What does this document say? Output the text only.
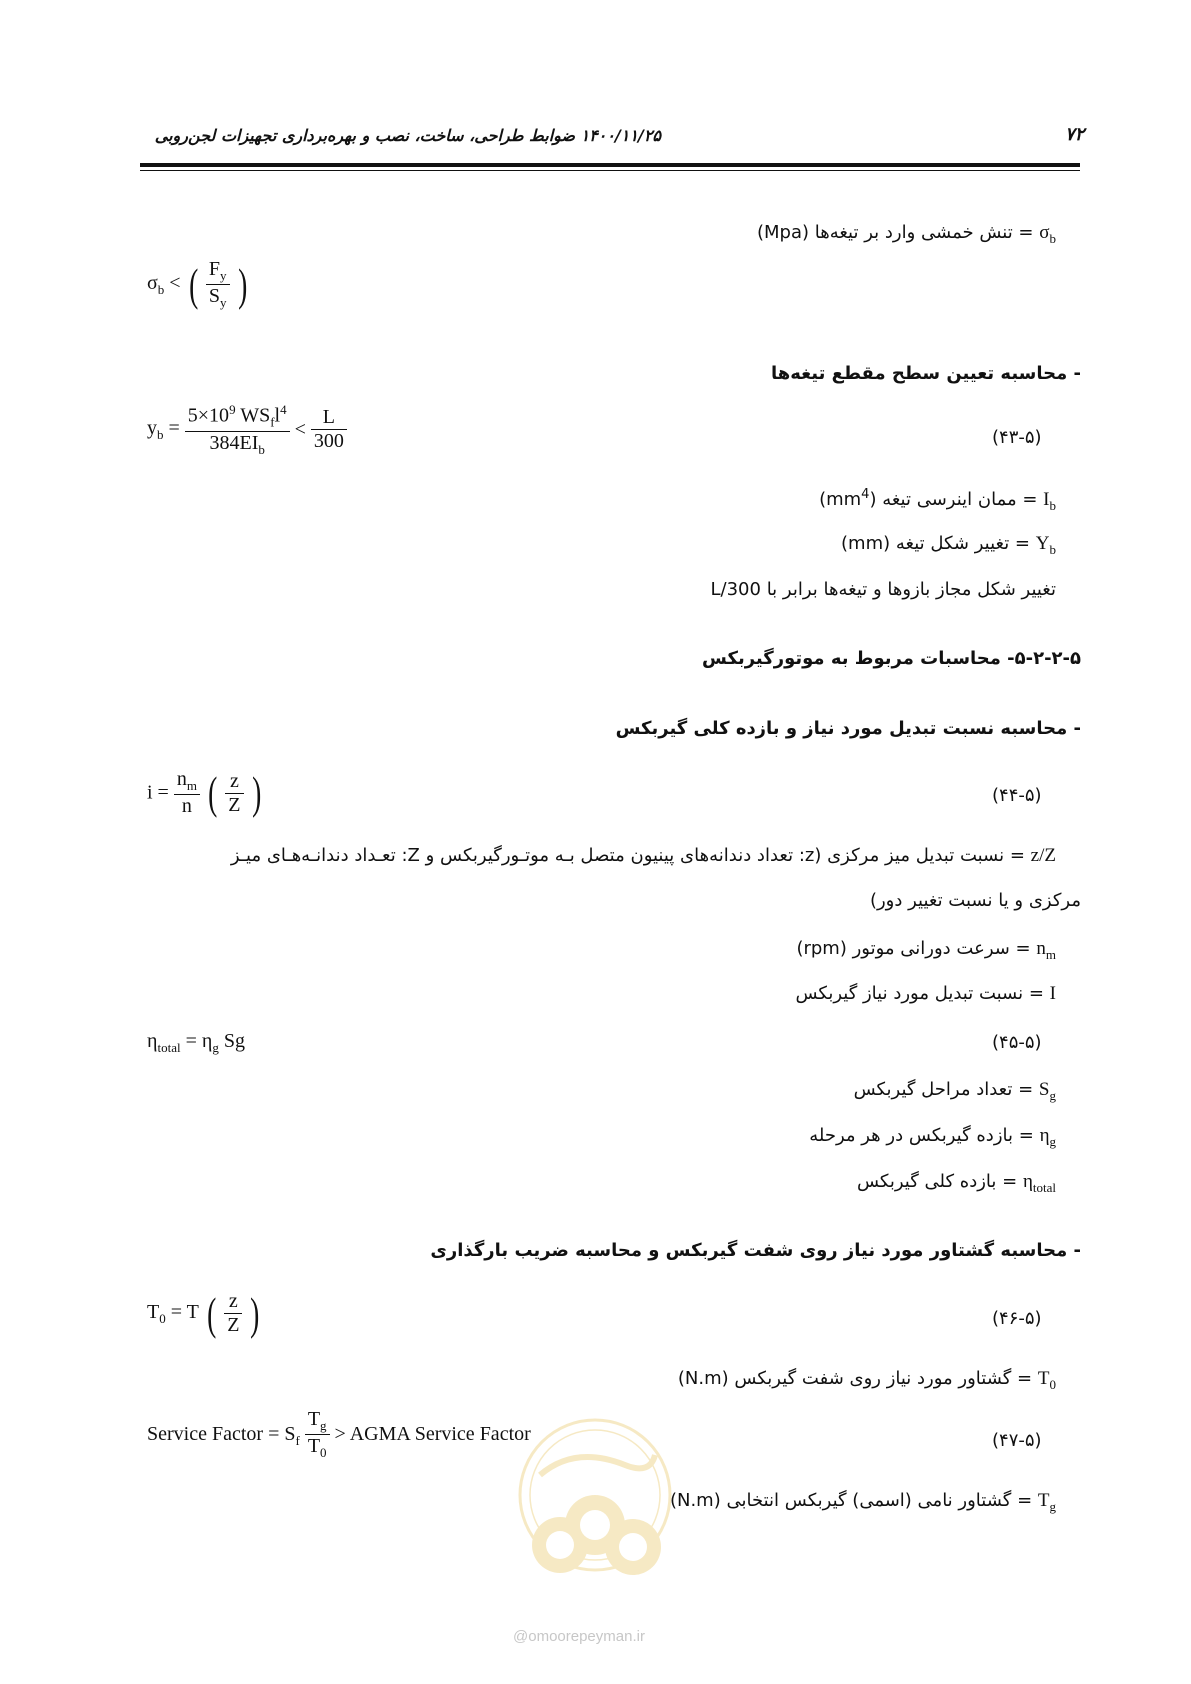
۷۲
۱۴۰۰/۱۱/۲۵ ضوابط طراحی، ساخت، نصب و بهره‌برداری تجهیزات لجن‌روبی
$\sigma_b$ = تنش خمشی وارد بر تیغه‌ها (Mpa)
$\sigma_b$ < ( $\frac{F_y}{S_y}$ )
- محاسبه تعیین سطح مقطع تیغه‌ها
$y_b = \frac{5\times 10^9 WS_fl^4}{384EI_b} < \frac{L}{300}$	(۴۳-۵)
$I_b$ = ممان اینرسی تیغه $(mm^4)$
$Y_b$ = تغییر شکل تیغه (mm)
تغییر شکل مجاز بازوها و تیغه‌ها برابر با L/300
۵-۲-۲-۵- محاسبات مربوط به موتورگیربکس
- محاسبه نسبت تبدیل مورد نیاز و بازده کلی گیربکس
$i = \frac{n_m}{n}$ ( $\frac{z}{Z}$ )	(۴۴-۵)
z/Z = نسبت تبدیل میز مرکزی (z: تعداد دندانه‌های پینیون متصل بـه موتـورگیربکس و Z: تعـداد دندانـه‌هـای میـز
مرکزی و یا نسبت تغییر دور)
$n_m$ = سرعت دورانی موتور (rpm)
I = نسبت تبدیل مورد نیاز گیربکس
$\eta_{total} = \eta_g$ Sg	(۴۵-۵)
$S_g$ = تعداد مراحل گیربکس
$\eta_g$ = بازده گیربکس در هر مرحله
$\eta_{total}$ = بازده کلی گیربکس
- محاسبه گشتاور مورد نیاز روی شفت گیربکس و محاسبه ضریب بارگذاری
$T_0 = T$ ( $\frac{z}{Z}$ )	(۴۶-۵)
$T_0$ = گشتاور مورد نیاز روی شفت گیربکس (N.m)
Service Factor = $S_f \frac{T_g}{T_0}$ > AGMA Service Factor	(۴۷-۵)
$T_g$ = گشتاور نامی (اسمی) گیربکس انتخابی (N.m)
@omoorepeyman.ir
